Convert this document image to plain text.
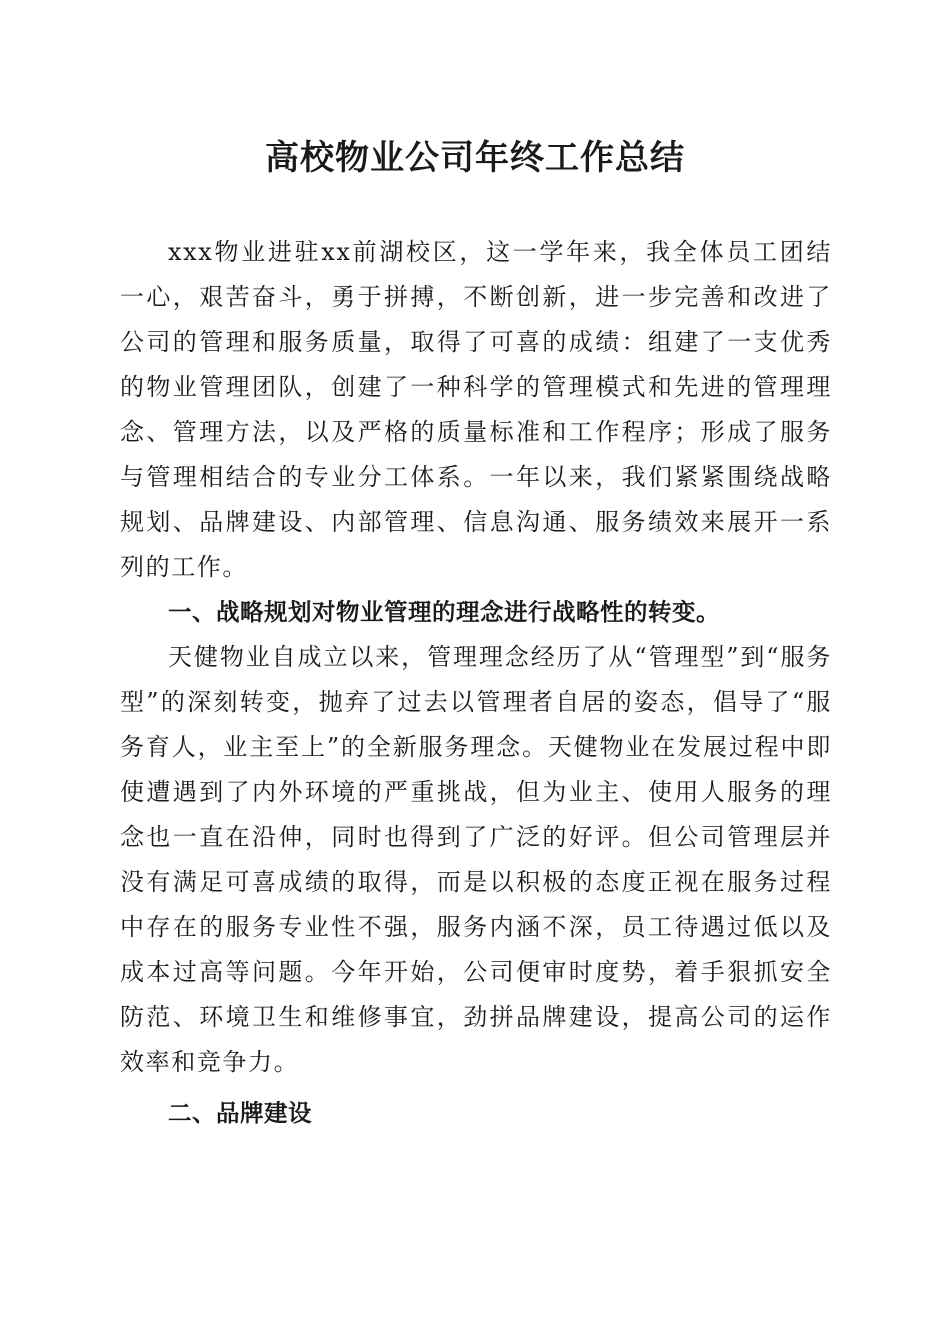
高校物业公司年终工作总结

xxx物业进驻xx前湖校区，这一学年来，我全体员工团结一心，艰苦奋斗，勇于拼搏，不断创新，进一步完善和改进了公司的管理和服务质量，取得了可喜的成绩：组建了一支优秀的物业管理团队，创建了一种科学的管理模式和先进的管理理念、管理方法，以及严格的质量标准和工作程序；形成了服务与管理相结合的专业分工体系。一年以来，我们紧紧围绕战略规划、品牌建设、内部管理、信息沟通、服务绩效来展开一系列的工作。

一、战略规划对物业管理的理念进行战略性的转变。

天健物业自成立以来，管理理念经历了从“管理型”到“服务型”的深刻转变，抛弃了过去以管理者自居的姿态，倡导了“服务育人，业主至上”的全新服务理念。天健物业在发展过程中即使遭遇到了内外环境的严重挑战，但为业主、使用人服务的理念也一直在沿伸，同时也得到了广泛的好评。但公司管理层并没有满足可喜成绩的取得，而是以积极的态度正视在服务过程中存在的服务专业性不强，服务内涵不深，员工待遇过低以及成本过高等问题。今年开始，公司便审时度势，着手狠抓安全防范、环境卫生和维修事宜，劲拼品牌建设，提高公司的运作效率和竞争力。

二、品牌建设
